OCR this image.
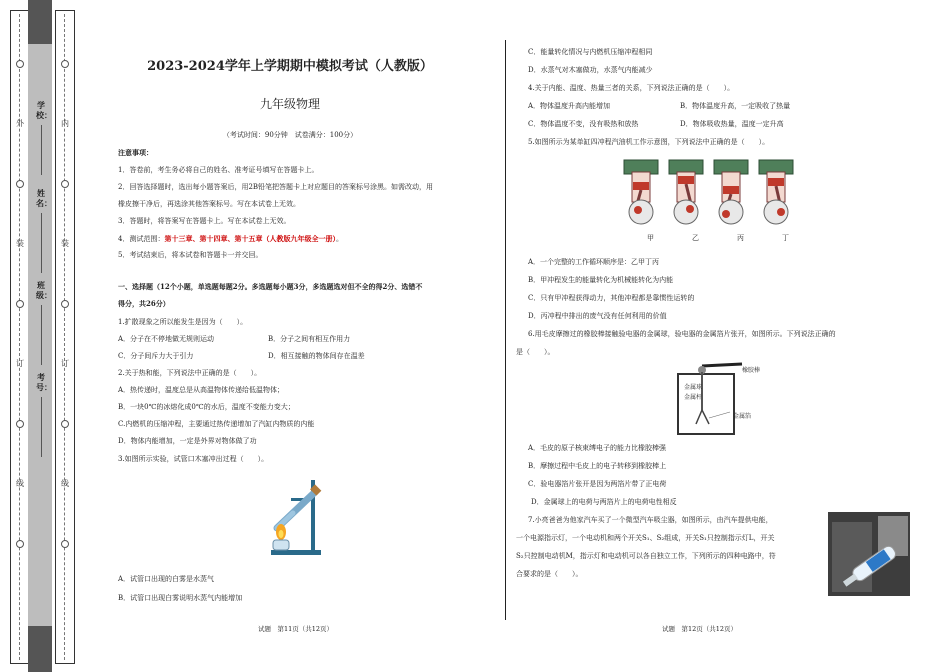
外
装
订
线
内
装
订
线
学校：
姓名：
班级：
考号：
2023-2024学年上学期期中模拟考试（人教版）
九年级物理
（考试时间：90分钟　试卷满分：100分）
注意事项：
1．答卷前，考生务必将自己的姓名、准考证号填写在答题卡上。
2．回答选择题时，选出每小题答案后，用2B铅笔把答题卡上对应题目的答案标号涂黑。如需改动，用
橡皮擦干净后，再选涂其他答案标号。写在本试卷上无效。
3．答题时，将答案写在答题卡上。写在本试卷上无效。
4．测试范围：第十三章、第十四章、第十五章（人教版九年级全一册）。
5．考试结束后，将本试卷和答题卡一并交回。
一、选择题（12个小题，单选题每题2分。多选题每小题3分，多选题选对但不全的得2分、选错不
得分，共26分）
1.扩散现象之所以能发生是因为（　　）。
A．分子在不停地做无规则运动	B．分子之间有相互作用力
C．分子间斥力大于引力	D．相互接触的物体间存在温差
2.关于热和能，下列说法中正确的是（　　）。
A．热传递时，温度总是从高温物体传递给低温物体；
B．一块0℃的冰熔化成0℃的水后，温度不变能力变大；
C.内燃机的压缩冲程，主要通过热传递增加了汽缸内物质的内能
D．物体内能增加，一定是外界对物体做了功
3.如图所示实验，试管口木塞冲出过程（　　）。
A．试管口出现的白雾是水蒸气
B．试管口出现白雾说明水蒸气内能增加
试题　第11页（共12页）
C．能量转化情况与内燃机压缩冲程相同
D．水蒸气对木塞做功，水蒸气内能减少
4.关于内能、温度、热量三者的关系，下列说法正确的是（　　）。
A．物体温度升高内能增加	B．物体温度升高，一定吸收了热量
C．物体温度不变，没有吸热和放热	D．物体吸收热量，温度一定升高
5.如图所示为某单缸四冲程汽油机工作示意图，下列说法中正确的是（　　）。
甲	乙	丙	丁
A．一个完整的工作循环顺序是：乙甲丁丙
B．甲冲程发生的能量转化为机械能转化为内能
C．只有甲冲程获得动力，其他冲程都是靠惯性运转的
D．丙冲程中排出的废气没有任何利用的价值
6.用毛皮摩擦过的橡胶棒接触验电器的金属球，验电器的金属箔片张开，如图所示。下列说法正确的
是（　　）。
橡胶棒
金属球
金属杆
金属箔
A．毛皮的原子核束缚电子的能力比橡胶棒强
B．摩擦过程中毛皮上的电子转移到橡胶棒上
C．验电器箔片张开是因为两箔片带了正电荷
D．金属球上的电荷与两箔片上的电荷电性相反
7.小亮爸爸为他家汽车买了一个微型汽车吸尘器，如图所示，由汽车提供电能，
一个电源指示灯，一个电动机和两个开关S₁、S₂组成，开关S₁只控制指示灯L，开关
S₂只控制电动机M，指示灯和电动机可以各自独立工作，下列所示的四种电路中，符
合要求的是（　　）。
试题　第12页（共12页）
